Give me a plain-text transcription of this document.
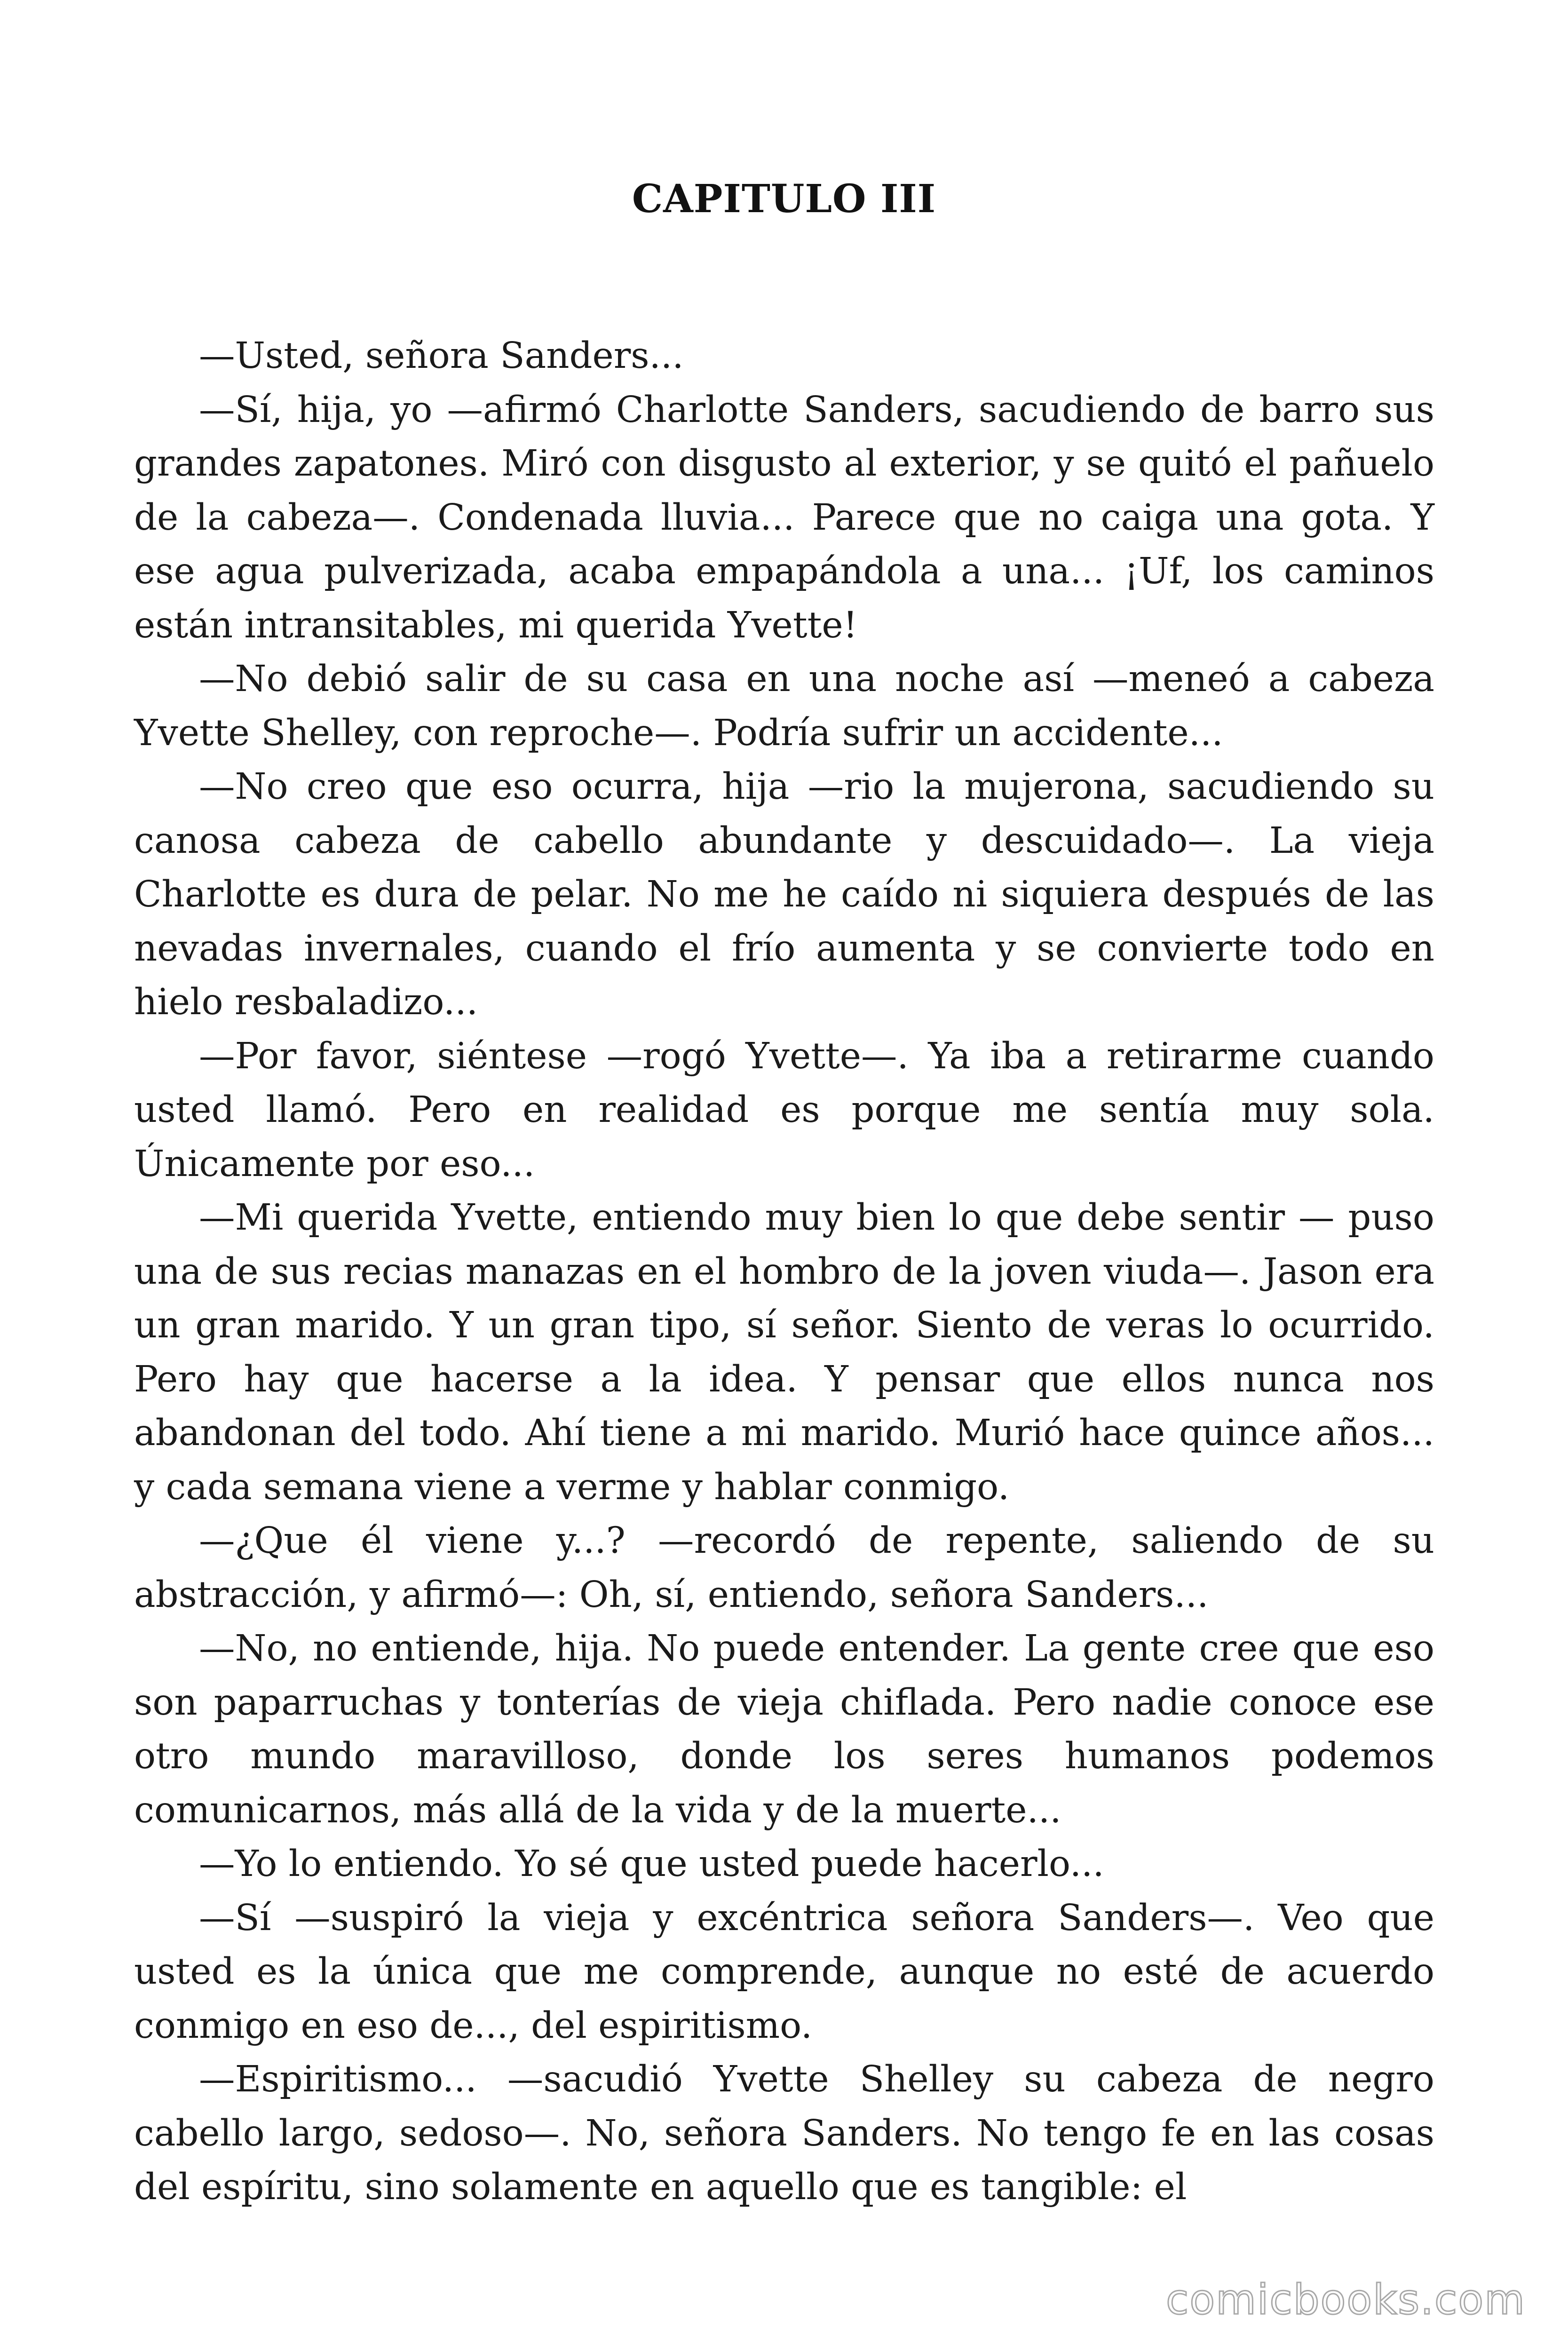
CAPITULO III

—Usted, señora Sanders...

—Sí, hija, yo —afirmó Charlotte Sanders, sacudiendo de barro sus grandes zapatones. Miró con disgusto al exterior, y se quitó el pañuelo de la cabeza—. Condenada lluvia... Parece que no caiga una gota. Y ese agua pulverizada, acaba empapándola a una... ¡Uf, los caminos están intransitables, mi querida Yvette!

—No debió salir de su casa en una noche así —meneó a cabeza Yvette Shelley, con reproche—. Podría sufrir un accidente...

—No creo que eso ocurra, hija —rio la mujerona, sacudiendo su canosa cabeza de cabello abundante y descuidado—. La vieja Charlotte es dura de pelar. No me he caído ni siquiera después de las nevadas invernales, cuando el frío aumenta y se convierte todo en hielo resbaladizo...

—Por favor, siéntese —rogó Yvette—. Ya iba a retirarme cuando usted llamó. Pero en realidad es porque me sentía muy sola. Únicamente por eso...

—Mi querida Yvette, entiendo muy bien lo que debe sentir — puso una de sus recias manazas en el hombro de la joven viuda—. Jason era un gran marido. Y un gran tipo, sí señor. Siento de veras lo ocurrido. Pero hay que hacerse a la idea. Y pensar que ellos nunca nos abandonan del todo. Ahí tiene a mi marido. Murió hace quince años... y cada semana viene a verme y hablar conmigo.

—¿Que él viene y...? —recordó de repente, saliendo de su abstracción, y afirmó—: Oh, sí, entiendo, señora Sanders...

—No, no entiende, hija. No puede entender. La gente cree que eso son paparruchas y tonterías de vieja chiflada. Pero nadie conoce ese otro mundo maravilloso, donde los seres humanos podemos comunicarnos, más allá de la vida y de la muerte...

—Yo lo entiendo. Yo sé que usted puede hacerlo...

—Sí —suspiró la vieja y excéntrica señora Sanders—. Veo que usted es la única que me comprende, aunque no esté de acuerdo conmigo en eso de..., del espiritismo.

—Espiritismo... —sacudió Yvette Shelley su cabeza de negro cabello largo, sedoso—. No, señora Sanders. No tengo fe en las cosas del espíritu, sino solamente en aquello que es tangible: el

comicbooks.com
